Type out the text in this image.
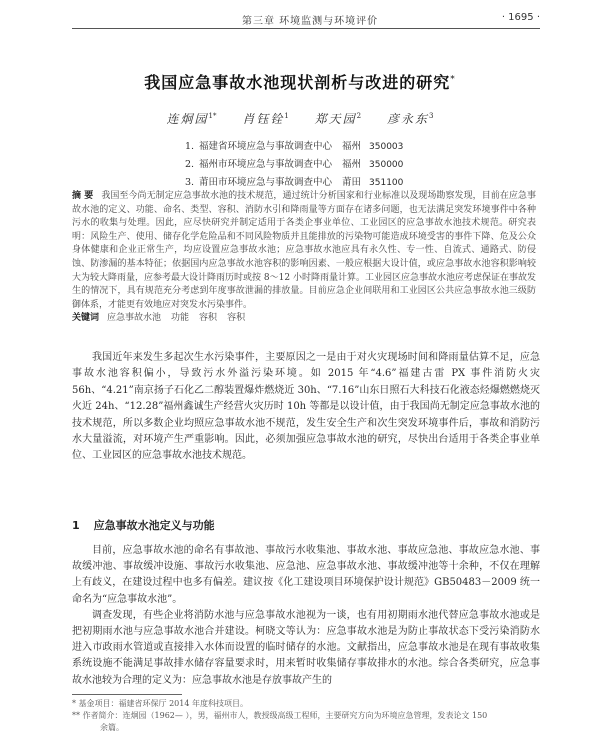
第三章 环境监测与环境评价	· 1695 ·
我国应急事故水池现状剖析与改进的研究*
连炯园$^{1*}$ 肖钰铨$^1$ 郑天园$^2$ 彦永东$^3$
1. 福建省环境应急与事故调查中心 福州 350003
2. 福州市环境应急与事故调查中心 福州 350000
3. 莆田市环境应急与事故调查中心 莆田 351100
摘 要 我国至今尚无制定应急事故水池的技术规范，通过统计分析国家和行业标准以及现场勘察发现，目前在应急事故水池的定义、功能、命名、类型、容积、消防水引和降雨量等方面存在诸多问题，也无法满足突发环境事件中各种污水的收集与处理。因此，应尽快研究并制定适用于各类企事业单位、工业园区的应急事故水池技术规范。研究表明：风险生产、使用、储存化学危险品和不同风险物质并且能排放的污染物可能造成环境受害的事件下降、危及公众身体健康和企业正常生产，均应设置应急事故水池；应急事故水池应具有永久性、专一性、自流式、通路式、防侵蚀、防渗漏的基本特征；依据国内应急事故水池容积的影响因素、一般应根据大设计值，或应急事故水池容积影响较大为较大降雨量，应参考最大设计降雨历时或按 8～12 小时降雨量计算。工业园区应急事故水池应考虑保证在事故发生的情况下，具有规范充分考虑到年度事故泄漏的排放量。目前应急企业间联用和工业园区公共应急事故水池三级防御体系，才能更有效地应对突发水污染事件。
关键词 应急事故水池 功能 容积 容积

我国近年来发生多起次生水污染事件，主要原因之一是由于对火灾现场时间和降雨量估算不足，应急事故水池容积偏小，导致污水外溢污染环境。如 2015 年“4.6”福建古雷 PX 事件消防火灾 56h、“4.21”南京扬子石化乙二醇装置爆炸燃烧近 30h、“7.16”山东日照石大科技石化液态烃爆燃燃烧灭火近 24h、“12.28”福州鑫诚生产经营火灾历时 10h 等都是以设计值，由于我国尚无制定应急事故水池的技术规范，所以多数企业均照应急事故水池不规范，发生安全生产和次生突发环境事件后，事故和消防污水大量溢流，对环境产生严重影响。因此，必须加强应急事故水池的研究，尽快出台适用于各类企事业单位、工业园区的应急事故水池技术规范。

1 应急事故水池定义与功能

目前，应急事故水池的命名有事故池、事故污水收集池、事故水池、事故应急池、事故应急水池、事故缓冲池、事故缓冲设施、事故污水收集池、应急池、应急事故水池、事故缓冲池等十余种，不仅在理解上有歧义，在建设过程中也多有偏差。建议按《化工建设项目环境保护设计规范》GB50483－2009 统一命名为“应急事故水池”。

调查发现，有些企业将消防水池与应急事故水池视为一谈，也有用初期雨水池代替应急事故水池或是把初期雨水池与应急事故水池合并建设。柯晓文等认为：应急事故水池是为防止事故状态下受污染消防水进入市政雨水管道或直接排入水体而设置的临时储存的水池。文献指出，应急事故水池是在现有事故收集系统设施不能满足事故排水储存容量要求时，用来暂时收集储存事故排水的水池。综合各类研究，应急事故水池较为合理的定义为：应急事故水池是存放事故产生的

* 基金项目：福建省环保厅 2014 年度科技项目。
** 作者简介：连炯园（1962— ），男，福州市人，教授级高级工程师，主要研究方向为环境应急管理，发表论文 150
余篇。
